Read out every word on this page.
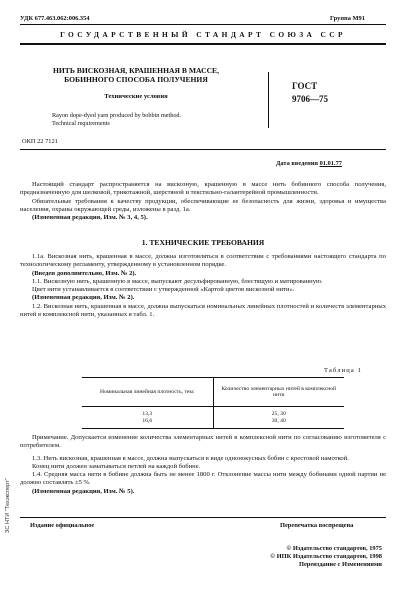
УДК 677.463.062:006.354	Группа М91
ГОСУДАРСТВЕННЫЙ СТАНДАРТ СОЮЗА ССР
НИТЬ ВИСКОЗНАЯ, КРАШЕННАЯ В МАССЕ,
БОБИННОГО СПОСОБА ПОЛУЧЕНИЯ
Технические условия
Rayon dope-dyed yarn produced by bobbin method.
Technical requirements
ГОСТ
9706—75
ОКП 22 7121
Дата введения 01.01.77
Настоящий стандарт распространяется на вискозную, крашенную в массе нить бобинного способа получения, предназначенную для шелковой, трикотажной, шерстяной и текстильно-галантерейной промышленности.
Обязательные требования к качеству продукции, обеспечивающие ее безопасность для жизни, здоровья и имущества населения, охраны окружающей среды, изложены в разд. 1а.
(Измененная редакция, Изм. № 3, 4, 5).
1. ТЕХНИЧЕСКИЕ ТРЕБОВАНИЯ
1.1а. Вискозная нить, крашенная в массе, должна изготовляться в соответствии с требованиями настоящего стандарта по технологическому регламенту, утвержденному в установленном порядке.
(Введен дополнительно, Изм. № 2).
1.1. Вискозную нить, крашенную в массе, выпускают десульфированную, блестящую и матированную.
Цвет нити устанавливается в соответствии с утвержденной «Картой цветов вискозной нити».
(Измененная редакция, Изм. № 2).
1.2. Вискозная нить, крашенная в массе, должна выпускаться номинальных линейных плотностей и количеств элементарных нитей в комплексной нити, указанных в табл. 1.
Таблица 1
Номинальная линейная плотность, текс	Количество элементарных нитей в комплексной нити
13,3	25, 30
16,6	30, 40
Примечание. Допускается изменение количества элементарных нитей в комплексной нити по согласованию изготовителя с потребителем.
1.3. Нить вискозная, крашенная в массе, должна выпускаться в виде однонокусных бобин с крестовой намоткой.
Конец нити должен заматываться петлей на каждой бобине.
1.4. Средняя масса нити в бобине должна быть не менее 1800 г. Отклонение массы нити между бобинами одной партии не должно составлять ±5 %.
(Измененная редакция, Изм. № 5).
Издание официальное	Перепечатка воспрещена
© Издательство стандартов, 1975
© ИПК Издательство стандартов, 1998
Переиздание с Изменениями
ЗС НТИ "Техэксперт"
